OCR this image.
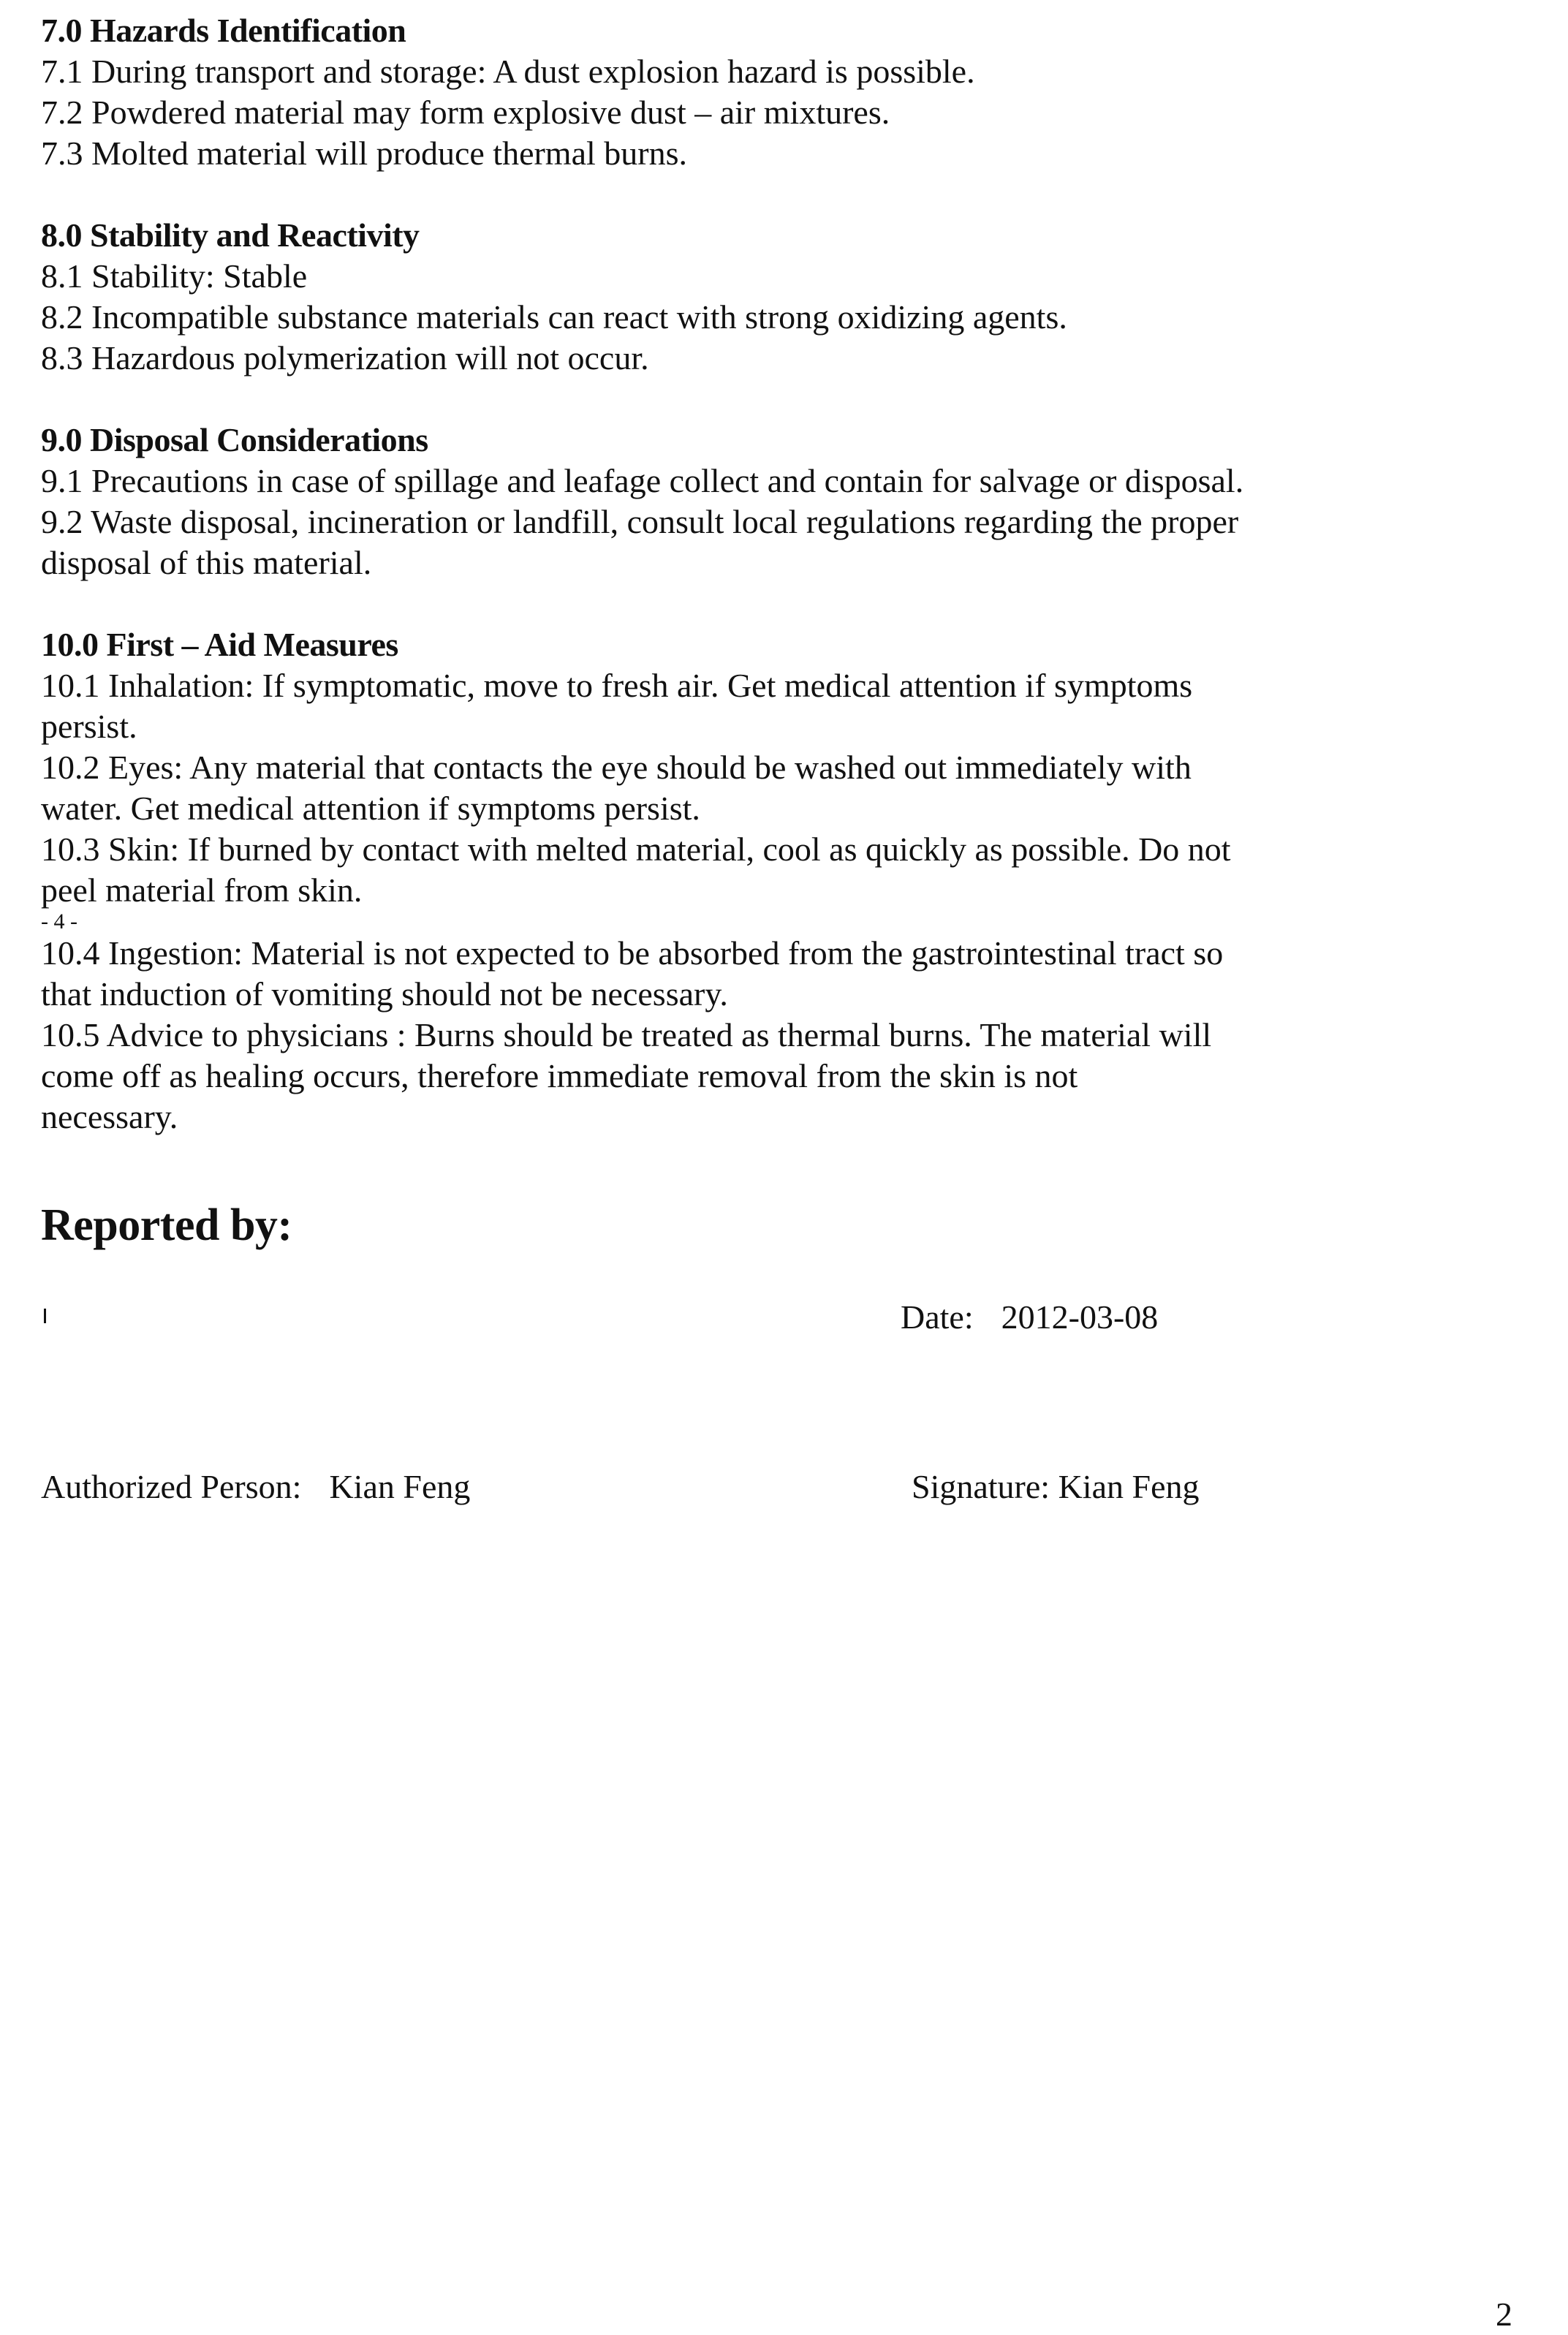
7.0 Hazards Identification

7.1 During transport and storage: A dust explosion hazard is possible.

7.2 Powdered material may form explosive dust – air mixtures.

7.3 Molted material will produce thermal burns.

8.0 Stability and Reactivity

8.1 Stability: Stable

8.2 Incompatible substance materials can react with strong oxidizing agents.

8.3 Hazardous polymerization will not occur.

9.0 Disposal Considerations

9.1 Precautions in case of spillage and leafage collect and contain for salvage or disposal.

9.2 Waste disposal, incineration or landfill, consult local regulations regarding the proper

disposal of this material.

10.0 First – Aid Measures

10.1 Inhalation: If symptomatic, move to fresh air. Get medical attention if symptoms

persist.

10.2 Eyes: Any material that contacts the eye should be washed out immediately with

water. Get medical attention if symptoms persist.

10.3 Skin: If burned by contact with melted material, cool as quickly as possible. Do not

peel material from skin.

- 4 -

10.4 Ingestion: Material is not expected to be absorbed from the gastrointestinal tract so

that induction of vomiting should not be necessary.

10.5 Advice to physicians : Burns should be treated as thermal burns. The material will

come off as healing occurs, therefore immediate removal from the skin is not

necessary.

Reported by:

Date: 2012-03-08
Authorized Person: Kian Feng	Signature: Kian Feng
2
